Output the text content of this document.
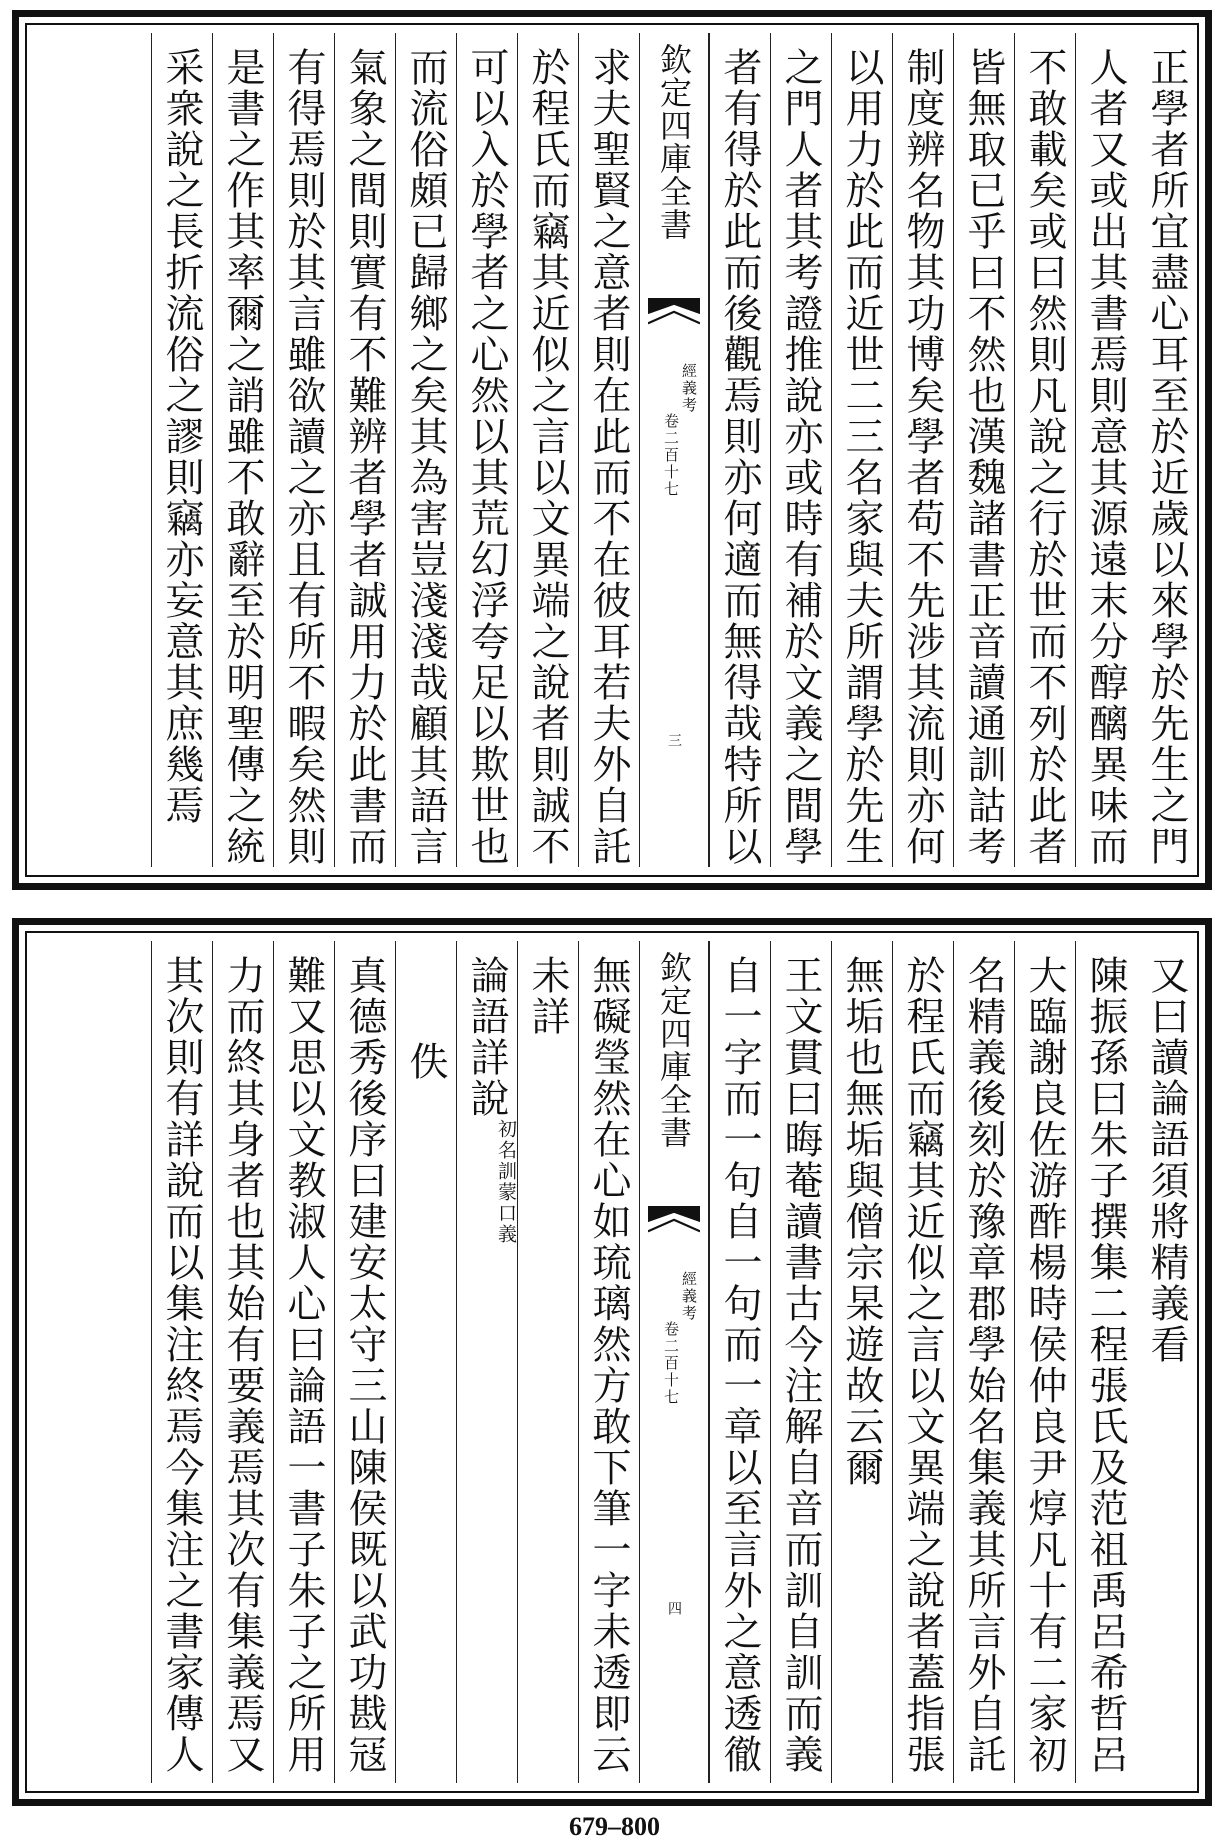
正學者所宜盡心耳至於近歲以來學於先生之門
人者又或出其書焉則意其源遠末分醇醨異味而
不敢載矣或曰然則凡說之行於世而不列於此者
皆無取已乎曰不然也漢魏諸書正音讀通訓詁考
制度辨名物其功博矣學者苟不先涉其流則亦何
以用力於此而近世二三名家與夫所謂學於先生
之門人者其考證推說亦或時有補於文義之間學
者有得於此而後觀焉則亦何適而無得哉特所以
欽定四庫全書
經義考
卷二百十七
三
求夫聖賢之意者則在此而不在彼耳若夫外自託
於程氏而竊其近似之言以文異端之說者則誠不
可以入於學者之心然以其荒幻浮夸足以欺世也
而流俗頗已歸鄉之矣其為害豈淺淺哉顧其語言
氣象之間則實有不難辨者學者誠用力於此書而
有得焉則於其言雖欲讀之亦且有所不暇矣然則
是書之作其率爾之誚雖不敢辭至於明聖傳之統
采衆說之長折流俗之謬則竊亦妄意其庶幾焉
又曰讀論語須將精義看
陳振孫曰朱子撰集二程張氏及范祖禹呂希哲呂
大臨謝良佐游酢楊時侯仲良尹焞凡十有二家初
名精義後刻於豫章郡學始名集義其所言外自託
於程氏而竊其近似之言以文異端之說者蓋指張
無垢也無垢與僧宗杲遊故云爾
王文貫曰晦菴讀書古今注解自音而訓自訓而義
自一字而一句自一句而一章以至言外之意透徹
欽定四庫全書
經義考
卷二百十七
四
無礙瑩然在心如琉璃然方敢下筆一字未透即云
未詳
論語詳說初名訓蒙口義
佚
真德秀後序曰建安太守三山陳侯既以武功戡冦
難又思以文教淑人心曰論語一書子朱子之所用
力而終其身者也其始有要義焉其次有集義焉又
其次則有詳說而以集注終焉今集注之書家傳人
679–800
